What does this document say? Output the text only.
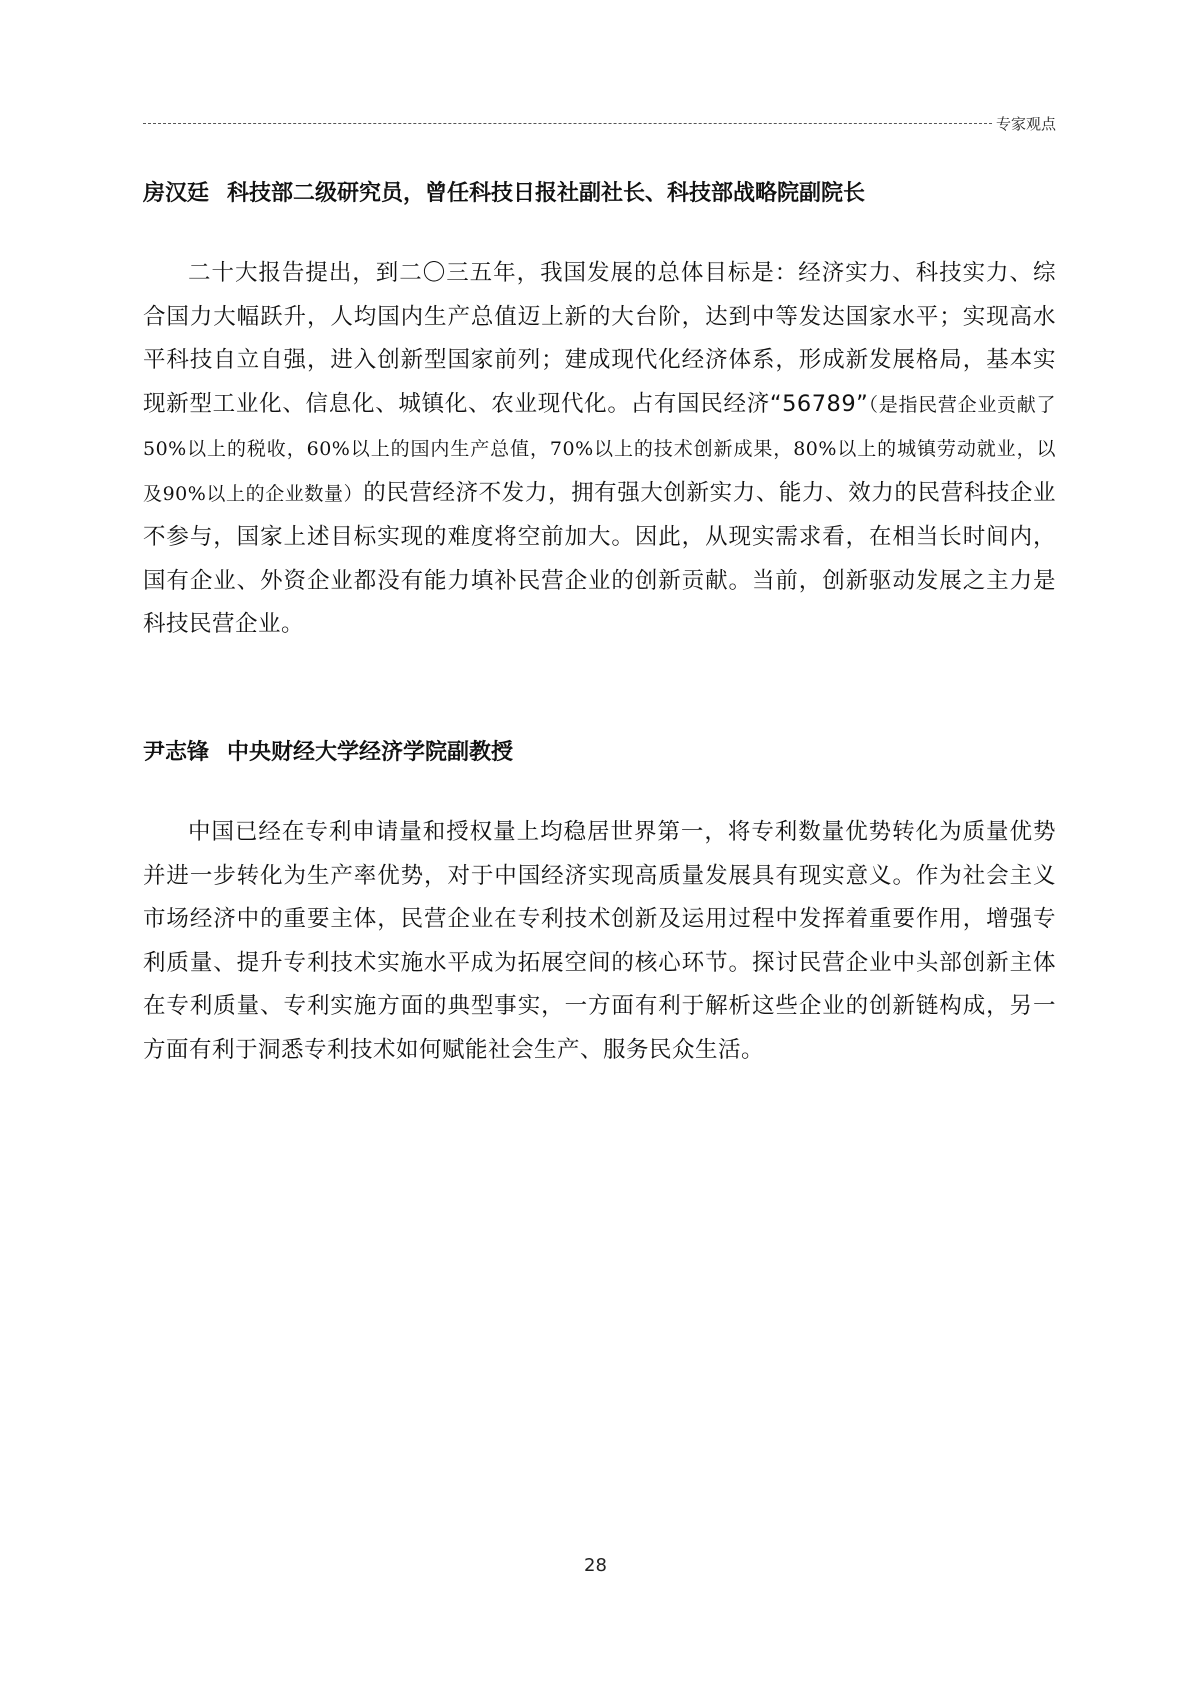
专家观点

房汉廷 科技部二级研究员，曾任科技日报社副社长、科技部战略院副院长

二十大报告提出，到二〇三五年，我国发展的总体目标是：经济实力、科技实力、综合国力大幅跃升，人均国内生产总值迈上新的大台阶，达到中等发达国家水平；实现高水平科技自立自强，进入创新型国家前列；建成现代化经济体系，形成新发展格局，基本实现新型工业化、信息化、城镇化、农业现代化。占有国民经济“56789”（是指民营企业贡献了50%以上的税收，60%以上的国内生产总值，70%以上的技术创新成果，80%以上的城镇劳动就业，以及90%以上的企业数量）的民营经济不发力，拥有强大创新实力、能力、效力的民营科技企业不参与，国家上述目标实现的难度将空前加大。因此，从现实需求看，在相当长时间内，国有企业、外资企业都没有能力填补民营企业的创新贡献。当前，创新驱动发展之主力是科技民营企业。

尹志锋 中央财经大学经济学院副教授

中国已经在专利申请量和授权量上均稳居世界第一，将专利数量优势转化为质量优势并进一步转化为生产率优势，对于中国经济实现高质量发展具有现实意义。作为社会主义市场经济中的重要主体，民营企业在专利技术创新及运用过程中发挥着重要作用，增强专利质量、提升专利技术实施水平成为拓展空间的核心环节。探讨民营企业中头部创新主体在专利质量、专利实施方面的典型事实，一方面有利于解析这些企业的创新链构成，另一方面有利于洞悉专利技术如何赋能社会生产、服务民众生活。

28
